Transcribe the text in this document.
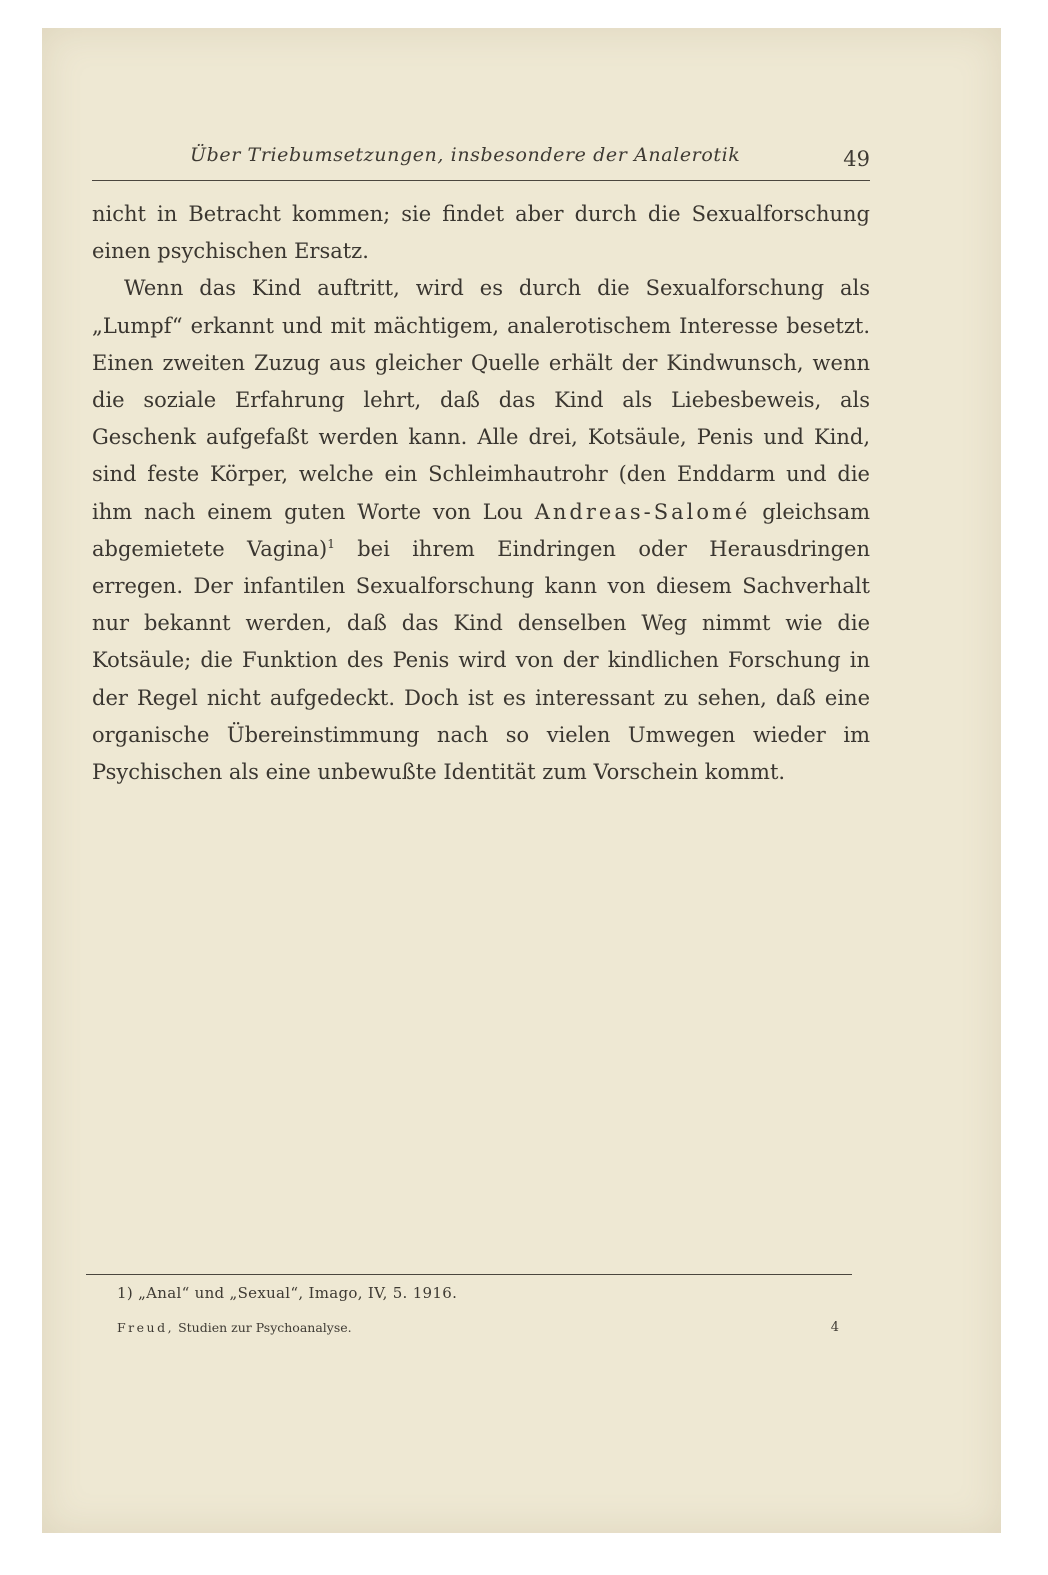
Über Triebumsetzungen, insbesondere der Analerotik	49

nicht in Betracht kommen; sie findet aber durch die Sexualforschung einen psychischen Ersatz.

Wenn das Kind auftritt, wird es durch die Sexualforschung als „Lumpf“ erkannt und mit mächtigem, analerotischem Interesse besetzt. Einen zweiten Zuzug aus gleicher Quelle erhält der Kindwunsch, wenn die soziale Erfahrung lehrt, daß das Kind als Liebesbeweis, als Geschenk aufgefaßt werden kann. Alle drei, Kotsäule, Penis und Kind, sind feste Körper, welche ein Schleimhautrohr (den Enddarm und die ihm nach einem guten Worte von Lou Andreas-Salomé gleichsam abgemietete Vagina)$^1$ bei ihrem Eindringen oder Herausdringen erregen. Der infantilen Sexualforschung kann von diesem Sachverhalt nur bekannt werden, daß das Kind denselben Weg nimmt wie die Kotsäule; die Funktion des Penis wird von der kindlichen Forschung in der Regel nicht aufgedeckt. Doch ist es interessant zu sehen, daß eine organische Übereinstimmung nach so vielen Umwegen wieder im Psychischen als eine unbewußte Identität zum Vorschein kommt.

1) „Anal“ und „Sexual“, Imago, IV, 5. 1916.
Freud, Studien zur Psychoanalyse.	4
